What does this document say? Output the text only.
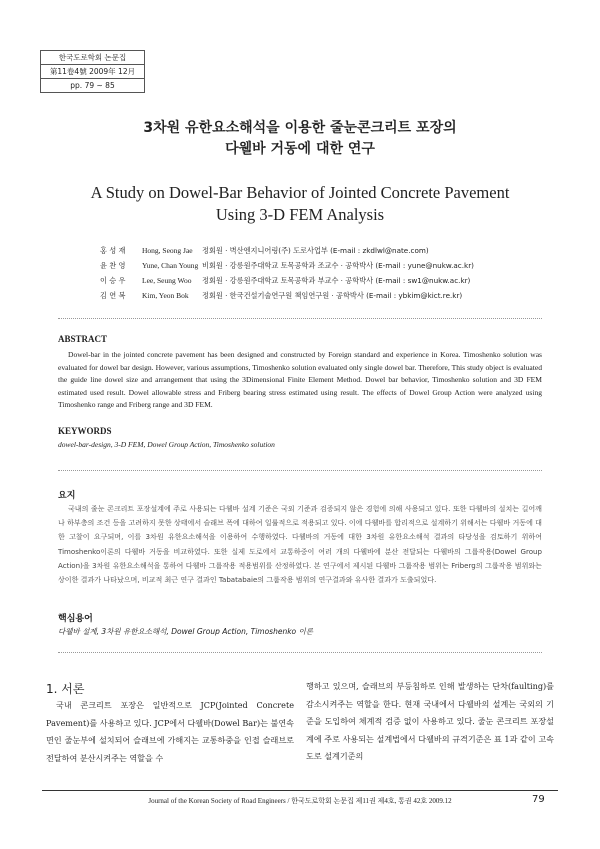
한국도로학회 논문집
第11卷4號 2009年 12月
pp. 79 ~ 85
3차원 유한요소해석을 이용한 줄눈콘크리트 포장의
다웰바 거동에 대한 연구
A Study on Dowel-Bar Behavior of Jointed Concrete Pavement
Using 3-D FEM Analysis
홍 성 재	Hong, Seong Jae	정회원 · 벽산엔지니어링(주) 도로사업부 (E-mail : zkdlwl@nate.com)
윤 찬 영	Yune, Chan Young 비회원 · 강릉원주대학교 토목공학과 조교수 · 공학박사 (E-mail : yune@nukw.ac.kr)
이 승 우	Lee, Seung Woo	정회원 · 강릉원주대학교 토목공학과 부교수 · 공학박사 (E-mail : sw1@nukw.ac.kr)
김 연 복	Kim, Yeon Bok	정회원 · 한국건설기술연구원 책임연구원 · 공학박사 (E-mail : ybkim@kict.re.kr)
ABSTRACT
Dowel-bar in the jointed concrete pavement has been designed and constructed by Foreign standard and experience in Korea. Timoshenko solution was evaluated for dowel bar design. However, various assumptions, Timoshenko solution evaluated only single dowel bar. Therefore, This study object is evaluated the guide line dowel size and arrangement that using the 3Dimensional Finite Element Method. Dowel bar behavior, Timoshenko solution and 3D FEM estimated used result. Dowel allowable stress and Friberg bearing stress estimated using result. The effects of Dowel Group Action were analyzed using Timoshenko range and Friberg range and 3D FEM.
KEYWORDS
dowel-bar-design, 3-D FEM, Dowel Group Action, Timoshenko solution
요지
국내의 줄눈 콘크리트 포장설계에 주로 사용되는 다웰바 설계 기준은 국외 기준과 검증되지 않은 경험에 의해 사용되고 있다. 또한 다웰바의 설치는 길어깨나 하부층의 조건 등을 고려하지 못한 상태에서 슬래브 폭에 대하여 일률적으로 적용되고 있다. 이에 다웰바를 합리적으로 설계하기 위해서는 다웰바 거동에 대한 고찰이 요구되며, 이를 3차원 유한요소해석을 이용하여 수행하였다. 다웰바의 거동에 대한 3차원 유한요소해석 결과의 타당성을 검토하기 위하여 Timoshenko이론의 다웰바 거동을 비교하였다. 또한 실제 도로에서 교통하중이 여러 개의 다웰바에 분산 전달되는 다웰바의 그룹작용(Dowel Group Action)을 3차원 유한요소해석을 통하여 다웰바 그룹작용 적용범위를 산정하였다. 본 연구에서 제시된 다웰바 그룹작용 범위는 Friberg의 그룹작용 범위와는 상이한 결과가 나타났으며, 비교적 최근 연구 결과인 Tabatabaie의 그룹작용 범위의 연구결과와 유사한 결과가 도출되었다.
핵심용어
다웰바 설계, 3차원 유한요소해석, Dowel Group Action, Timoshenko 이론
1. 서론
국내 콘크리트 포장은 일반적으로 JCP(Jointed Concrete Pavement)를 사용하고 있다. JCP에서 다웰바(Dowel Bar)는 불연속면인 줄눈부에 설치되어 슬래브에 가해지는 교통하중을 인접 슬래브로 전달하여 분산시켜주는 역할을 수
행하고 있으며, 슬래브의 부등침하로 인해 발생하는 단차(faulting)를 감소시켜주는 역할을 한다. 현재 국내에서 다웰바의 설계는 국외의 기준을 도입하여 체계적 검증 없이 사용하고 있다. 줄눈 콘크리트 포장설계에 주로 사용되는 설계법에서 다웰바의 규격기준은 표 1과 같이 고속도로 설계기준의
Journal of the Korean Society of Road Engineers / 한국도로학회 논문집 제11권 제4호, 통권 42호 2009.12	79
